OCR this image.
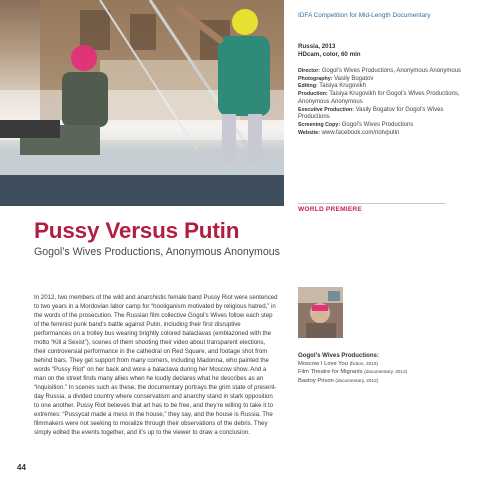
IDFA Competition for Mid-Length Documentary
Russia, 2013
HDcam, color, 60 min
Director: Gogol’s Wives Productions, Anonymous Anonymous
Photography: Vasily Bogatov
Editing: Taisiya Krugovikh
Production: Taisiya Krugovikh for Gogol’s Wives Productions, Anonymous Anonymous
Executive Production: Vasily Bogatov for Gogol’s Wives Productions
Screening Copy: Gogol’s Wives Productions
Website: www.facebook.com/riotvputin
WORLD PREMIERE
Pussy Versus Putin
Gogol’s Wives Productions, Anonymous Anonymous
In 2012, two members of the wild and anarchistic female band Pussy Riot were sentenced to two years in a Mordovian labor camp for “hooliganism motivated by religious hatred,” in the words of the prosecution. The Russian film collective Gogol’s Wives follow each step of the feminist punk band’s battle against Putin, including their first disruptive performances on a trolley bus wearing brightly colored balaclavas (emblazoned with the motto “Kill a Sexist”), scenes of them shooting their video about transparent elections, their controversial performance in the cathedral on Red Square, and footage shot from behind bars. They get support from many corners, including Madonna, who painted the words “Pussy Riot” on her back and wore a balaclava during her Moscow show. And a man on the street finds many allies when he loudly declares what he describes as an “inquisition.” In scenes such as these, the documentary portrays the grim state of present-day Russia, a divided country where conservatism and anarchy stand in stark opposition to one another. Pussy Riot believes that art has to be free, and they’re willing to take it to extremes: “Pussycat made a mess in the house,” they say, and the house is Russia. The filmmakers were not seeking to moralize through their observations of the debris. They simply edited the events together, and it’s up to the viewer to draw a conclusion.
Gogol’s Wives Productions:
Moscow I Love You (fiction, 2010)
Film Theatre for Migrants (documentary, 2012)
Bastoy Prison (documentary, 2012)
44
